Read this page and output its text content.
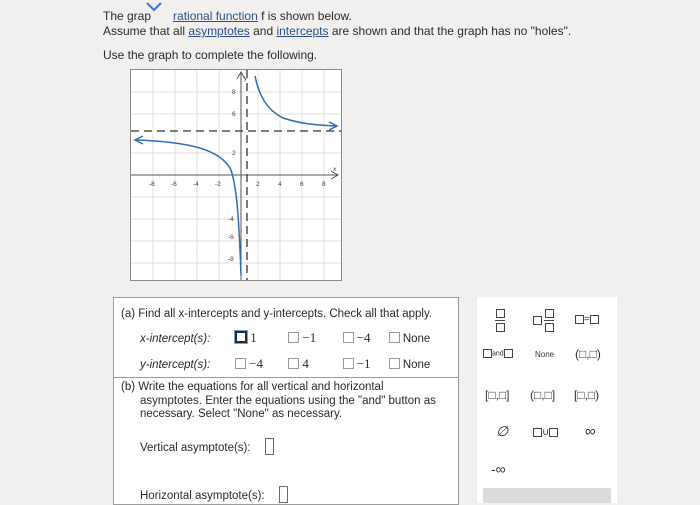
The grap rational function f is shown below.
Assume that all asymptotes and intercepts are shown and that the graph has no "holes".
Use the graph to complete the following.
-8 -6 -4 -2	2	4	6	8
8
6
2
-4
-6
-8
x
y
(a) Find all x-intercepts and y-intercepts. Check all that apply.
x-intercept(s):	1	−1	−4	None
y-intercept(s):	−4	4	−1	None
(b) Write the equations for all vertical and horizontal
asymptotes. Enter the equations using the "and" button as
necessary. Select "None" as necessary.
Vertical asymptote(s):
Horizontal asymptote(s):
=
and	None (□,□)
[□,□] (□,□] [□,□)
∅	∪	∞
-∞
